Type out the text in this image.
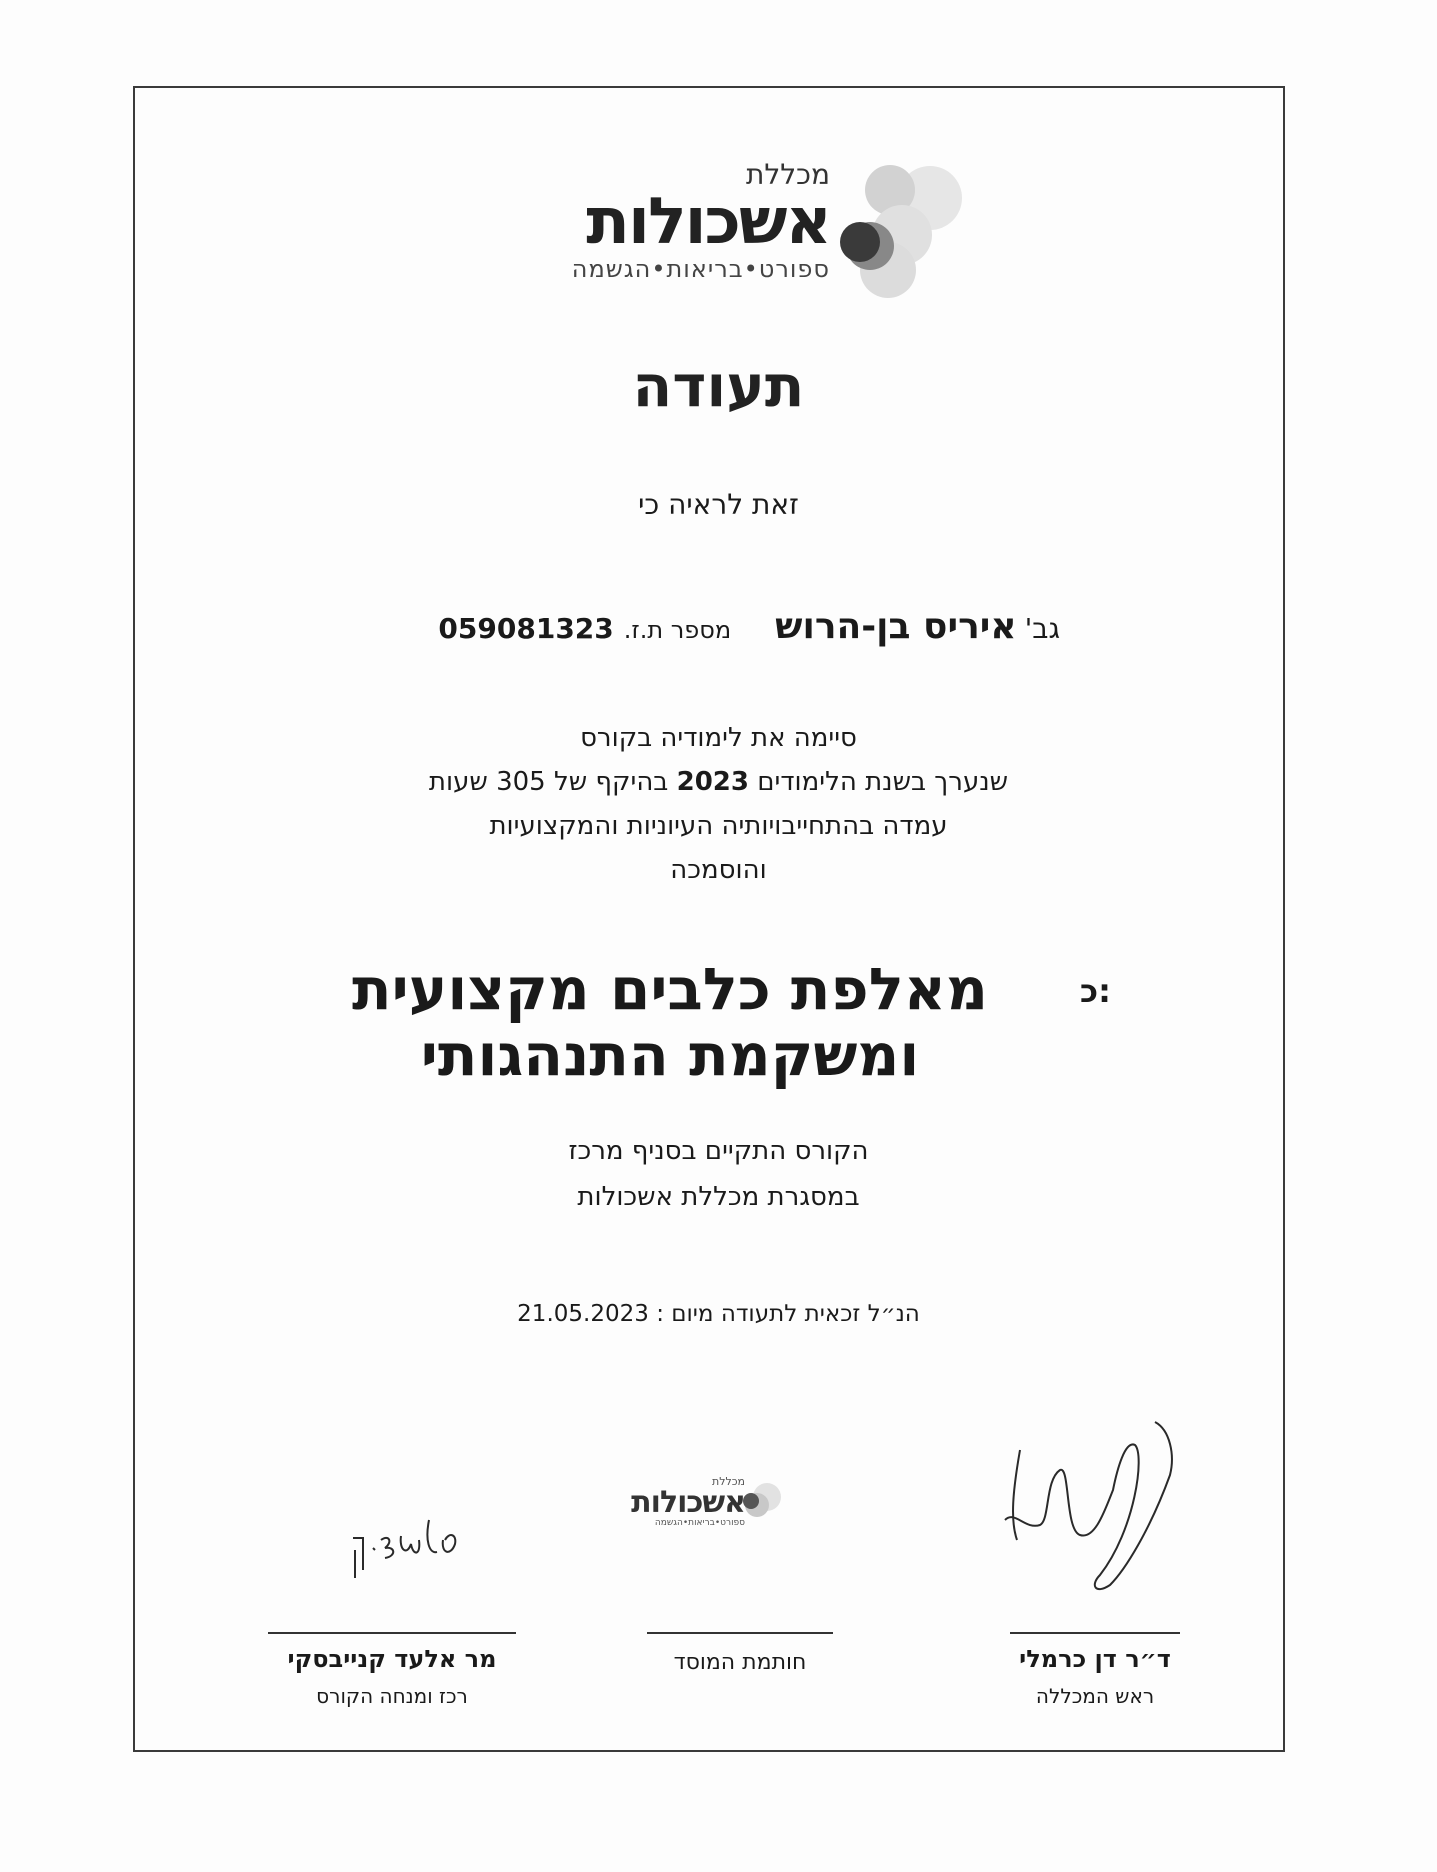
מכללת
אשכולות
ספורט•בריאות•הגשמה
תעודה
זאת לראיה כי
גב'
איריס בן-הרוש
מספר ת.ז.
059081323
סיימה את לימודיה בקורס
שנערך בשנת הלימודים 2023 בהיקף של 305 שעות
עמדה בהתחייבויותיה העיוניות והמקצועיות
והוסמכה
כ:
מאלפת כלבים מקצועית
ומשקמת התנהגותי
הקורס התקיים בסניף מרכז
במסגרת מכללת אשכולות
הנ״ל זכאית לתעודה מיום : 21.05.2023
ד״ר דן כרמלי
ראש המכללה
מכללת
אשכולות
ספורט•בריאות•הגשמה
חותמת המוסד
מר אלעד קנייבסקי
רכז ומנחה הקורס
